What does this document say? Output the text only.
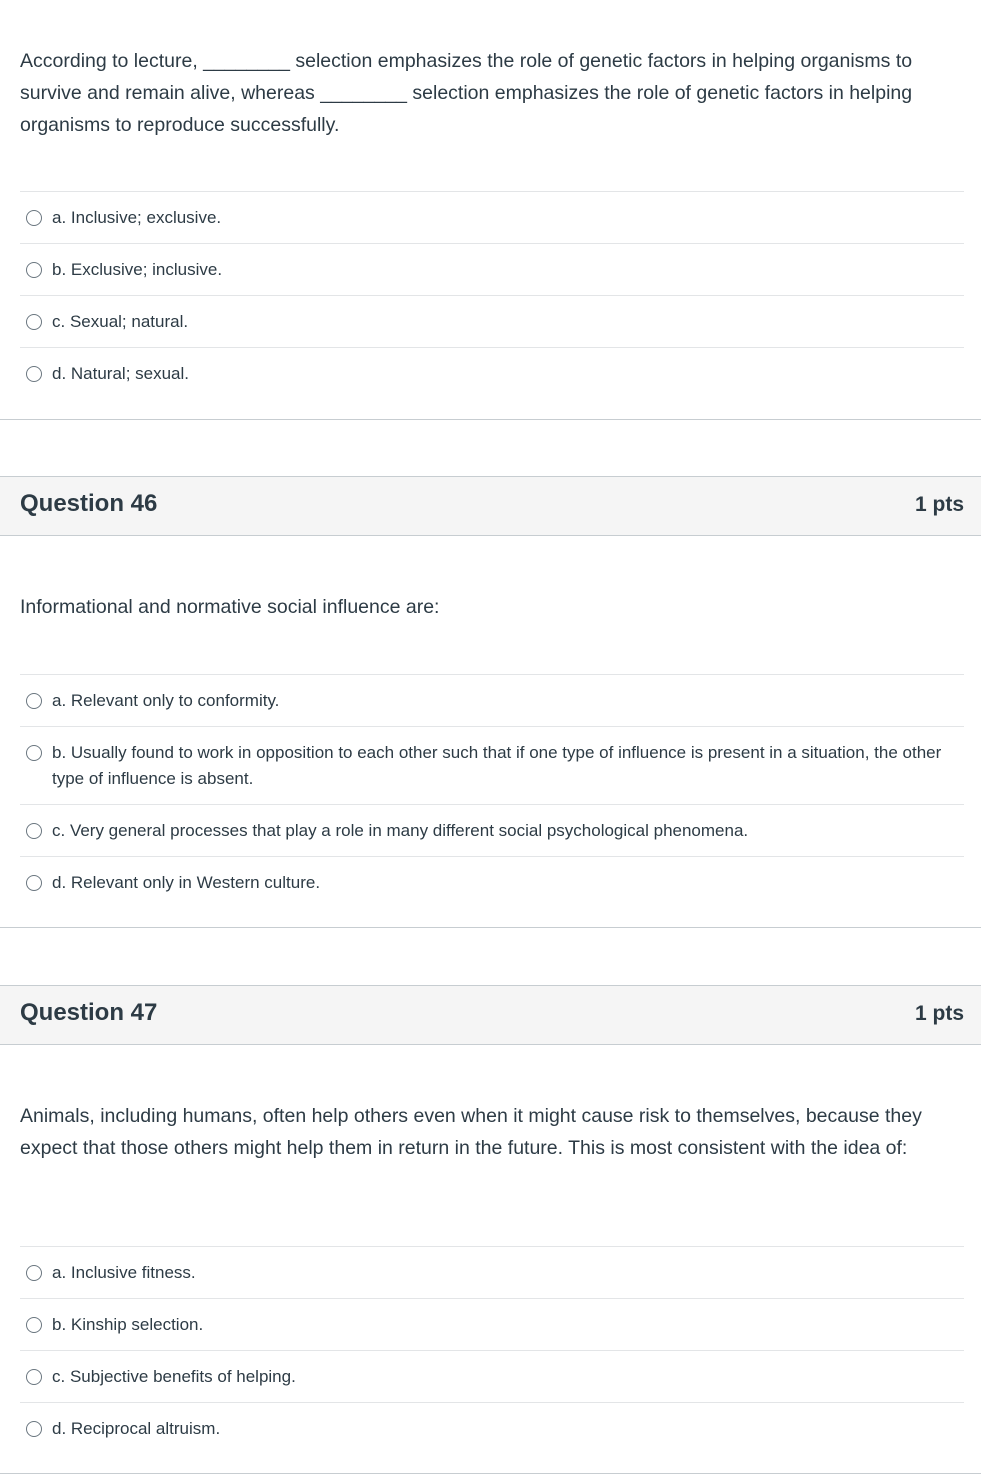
According to lecture, ________ selection emphasizes the role of genetic factors in helping organisms to survive and remain alive, whereas ________ selection emphasizes the role of genetic factors in helping organisms to reproduce successfully.
a. Inclusive; exclusive.
b. Exclusive; inclusive.
c. Sexual; natural.
d. Natural; sexual.
Question 46	1 pts
Informational and normative social influence are:
a. Relevant only to conformity.
b. Usually found to work in opposition to each other such that if one type of influence is present in a situation, the other type of influence is absent.
c. Very general processes that play a role in many different social psychological phenomena.
d. Relevant only in Western culture.
Question 47	1 pts
Animals, including humans, often help others even when it might cause risk to themselves, because they expect that those others might help them in return in the future. This is most consistent with the idea of:
a. Inclusive fitness.
b. Kinship selection.
c. Subjective benefits of helping.
d. Reciprocal altruism.
